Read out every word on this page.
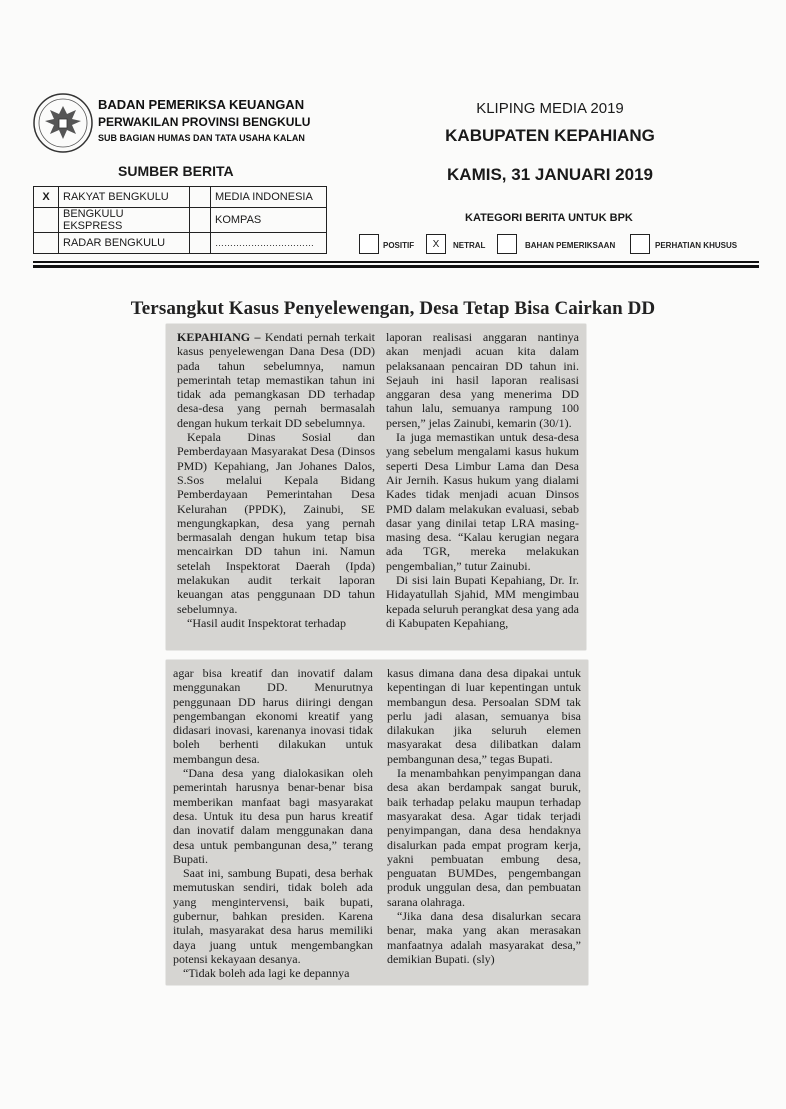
BADAN PEMERIKSA KEUANGAN
PERWAKILAN PROVINSI BENGKULU
SUB BAGIAN HUMAS DAN TATA USAHA KALAN
KLIPING MEDIA 2019
KABUPATEN KEPAHIANG
KAMIS, 31 JANUARI 2019
SUMBER BERITA
X	RAKYAT BENGKULU		MEDIA INDONESIA
	BENGKULU EKSPRESS		KOMPAS
	RADAR BENGKULU		……………………………
KATEGORI BERITA UNTUK BPK
POSITIF	X	NETRAL	BAHAN PEMERIKSAAN	PERHATIAN KHUSUS
Tersangkut Kasus Penyelewengan, Desa Tetap Bisa Cairkan DD

KEPAHIANG – Kendati pernah terkait kasus penyelewengan Dana Desa (DD) pada tahun sebelumnya, namun pemerintah tetap memastikan tahun ini tidak ada pemangkasan DD terhadap desa-desa yang pernah bermasalah dengan hukum terkait DD sebelumnya.

Kepala Dinas Sosial dan Pemberdayaan Masyarakat Desa (Dinsos PMD) Kepahiang, Jan Johanes Dalos, S.Sos melalui Kepala Bidang Pemberdayaan Pemerintahan Desa Kelurahan (PPDK), Zainubi, SE mengungkapkan, desa yang pernah bermasalah dengan hukum tetap bisa mencairkan DD tahun ini. Namun setelah Inspektorat Daerah (Ipda) melakukan audit terkait laporan keuangan atas penggunaan DD tahun sebelumnya.

“Hasil audit Inspektorat terhadap

laporan realisasi anggaran nantinya akan menjadi acuan kita dalam pelaksanaan pencairan DD tahun ini. Sejauh ini hasil laporan realisasi anggaran desa yang menerima DD tahun lalu, semuanya rampung 100 persen,” jelas Zainubi, kemarin (30/1).

Ia juga memastikan untuk desa-desa yang sebelum mengalami kasus hukum seperti Desa Limbur Lama dan Desa Air Jernih. Kasus hukum yang dialami Kades tidak menjadi acuan Dinsos PMD dalam melakukan evaluasi, sebab dasar yang dinilai tetap LRA masing-masing desa. “Kalau kerugian negara ada TGR, mereka melakukan pengembalian,” tutur Zainubi.

Di sisi lain Bupati Kepahiang, Dr. Ir. Hidayatullah Sjahid, MM mengimbau kepada seluruh perangkat desa yang ada di Kabupaten Kepahiang,

agar bisa kreatif dan inovatif dalam menggunakan DD. Menurutnya penggunaan DD harus diiringi dengan pengembangan ekonomi kreatif yang didasari inovasi, karenanya inovasi tidak boleh berhenti dilakukan untuk membangun desa.

“Dana desa yang dialokasikan oleh pemerintah harusnya benar-benar bisa memberikan manfaat bagi masyarakat desa. Untuk itu desa pun harus kreatif dan inovatif dalam menggunakan dana desa untuk pembangunan desa,” terang Bupati.

Saat ini, sambung Bupati, desa berhak memutuskan sendiri, tidak boleh ada yang mengintervensi, baik bupati, gubernur, bahkan presiden. Karena itulah, masyarakat desa harus memiliki daya juang untuk mengembangkan potensi kekayaan desanya.

“Tidak boleh ada lagi ke depannya

kasus dimana dana desa dipakai untuk kepentingan di luar kepentingan untuk membangun desa. Persoalan SDM tak perlu jadi alasan, semuanya bisa dilakukan jika seluruh elemen masyarakat desa dilibatkan dalam pembangunan desa,” tegas Bupati.

Ia menambahkan penyimpangan dana desa akan berdampak sangat buruk, baik terhadap pelaku maupun terhadap masyarakat desa. Agar tidak terjadi penyimpangan, dana desa hendaknya disalurkan pada empat program kerja, yakni pembuatan embung desa, penguatan BUMDes, pengembangan produk unggulan desa, dan pembuatan sarana olahraga.

“Jika dana desa disalurkan secara benar, maka yang akan merasakan manfaatnya adalah masyarakat desa,” demikian Bupati. (sly)
